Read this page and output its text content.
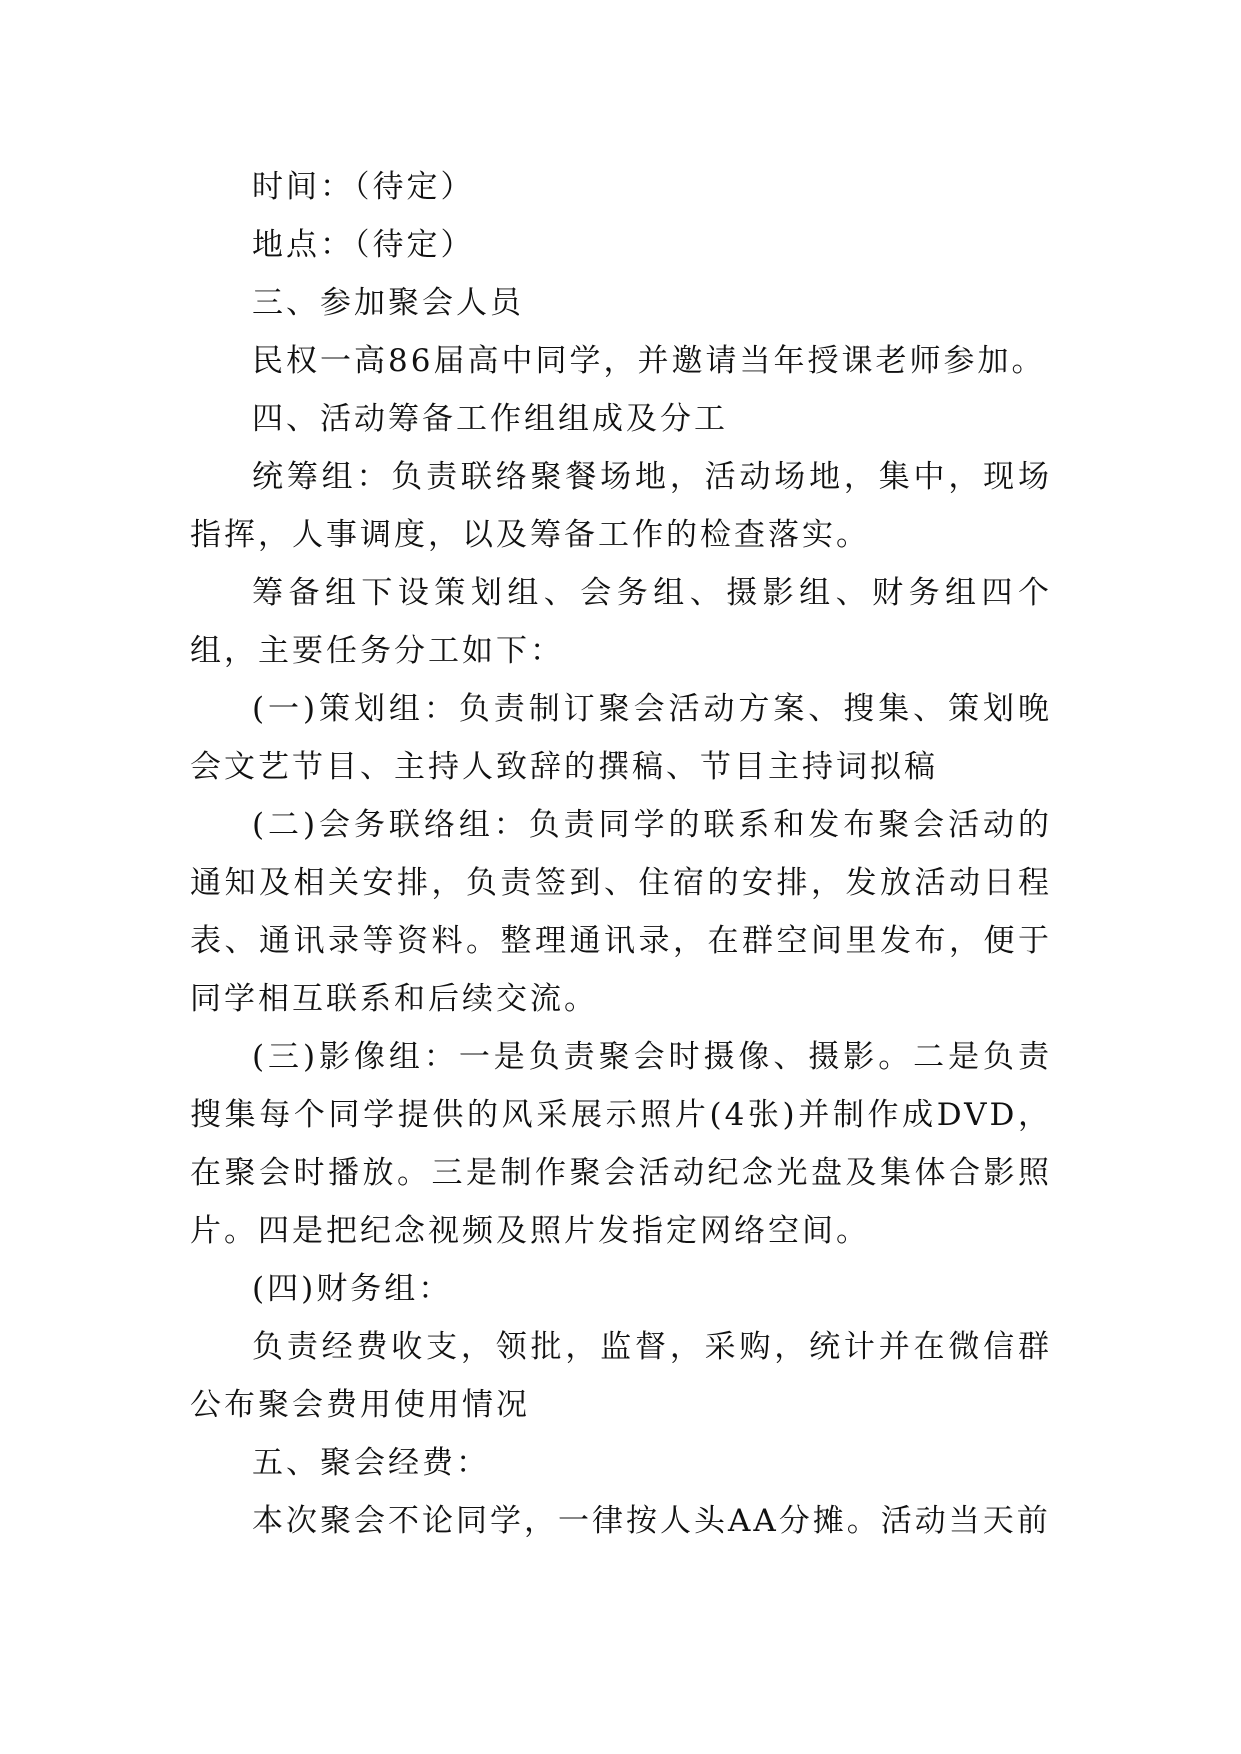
时间：（待定）

地点：（待定）

三、参加聚会人员

民权一高86届高中同学，并邀请当年授课老师参加。

四、活动筹备工作组组成及分工

统筹组：负责联络聚餐场地，活动场地，集中，现场指挥，人事调度，以及筹备工作的检查落实。

筹备组下设策划组、会务组、摄影组、财务组四个组，主要任务分工如下：

(一)策划组：负责制订聚会活动方案、搜集、策划晚会文艺节目、主持人致辞的撰稿、节目主持词拟稿

(二)会务联络组：负责同学的联系和发布聚会活动的通知及相关安排，负责签到、住宿的安排，发放活动日程表、通讯录等资料。整理通讯录，在群空间里发布，便于同学相互联系和后续交流。

(三)影像组：一是负责聚会时摄像、摄影。二是负责搜集每个同学提供的风采展示照片(4张)并制作成DVD，在聚会时播放。三是制作聚会活动纪念光盘及集体合影照片。四是把纪念视频及照片发指定网络空间。

(四)财务组：

负责经费收支，领批，监督，采购，统计并在微信群公布聚会费用使用情况

五、聚会经费：

本次聚会不论同学，一律按人头AA分摊。活动当天前
